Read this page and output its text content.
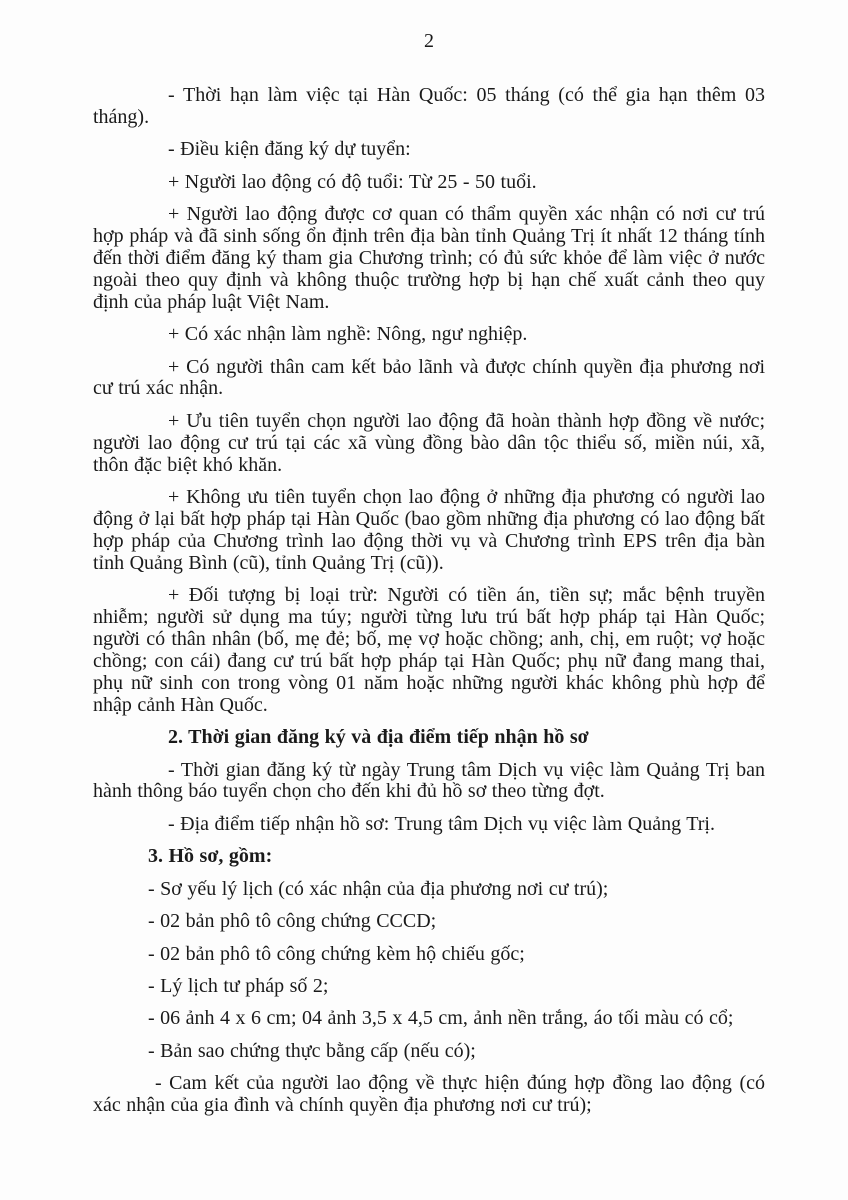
2

- Thời hạn làm việc tại Hàn Quốc: 05 tháng (có thể gia hạn thêm 03 tháng).

- Điều kiện đăng ký dự tuyển:

+ Người lao động có độ tuổi: Từ 25 - 50 tuổi.

+ Người lao động được cơ quan có thẩm quyền xác nhận có nơi cư trú hợp pháp và đã sinh sống ổn định trên địa bàn tỉnh Quảng Trị ít nhất 12 tháng tính đến thời điểm đăng ký tham gia Chương trình; có đủ sức khỏe để làm việc ở nước ngoài theo quy định và không thuộc trường hợp bị hạn chế xuất cảnh theo quy định của pháp luật Việt Nam.

+ Có xác nhận làm nghề: Nông, ngư nghiệp.

+ Có người thân cam kết bảo lãnh và được chính quyền địa phương nơi cư trú xác nhận.

+ Ưu tiên tuyển chọn người lao động đã hoàn thành hợp đồng về nước; người lao động cư trú tại các xã vùng đồng bào dân tộc thiểu số, miền núi, xã, thôn đặc biệt khó khăn.

+ Không ưu tiên tuyển chọn lao động ở những địa phương có người lao động ở lại bất hợp pháp tại Hàn Quốc (bao gồm những địa phương có lao động bất hợp pháp của Chương trình lao động thời vụ và Chương trình EPS trên địa bàn tỉnh Quảng Bình (cũ), tỉnh Quảng Trị (cũ)).

+ Đối tượng bị loại trừ: Người có tiền án, tiền sự; mắc bệnh truyền nhiễm; người sử dụng ma túy; người từng lưu trú bất hợp pháp tại Hàn Quốc; người có thân nhân (bố, mẹ đẻ; bố, mẹ vợ hoặc chồng; anh, chị, em ruột; vợ hoặc chồng; con cái) đang cư trú bất hợp pháp tại Hàn Quốc; phụ nữ đang mang thai, phụ nữ sinh con trong vòng 01 năm hoặc những người khác không phù hợp để nhập cảnh Hàn Quốc.

2. Thời gian đăng ký và địa điểm tiếp nhận hồ sơ

- Thời gian đăng ký từ ngày Trung tâm Dịch vụ việc làm Quảng Trị ban hành thông báo tuyển chọn cho đến khi đủ hồ sơ theo từng đợt.

- Địa điểm tiếp nhận hồ sơ: Trung tâm Dịch vụ việc làm Quảng Trị.

3. Hồ sơ, gồm:

- Sơ yếu lý lịch (có xác nhận của địa phương nơi cư trú);

- 02 bản phô tô công chứng CCCD;

- 02 bản phô tô công chứng kèm hộ chiếu gốc;

- Lý lịch tư pháp số 2;

- 06 ảnh 4 x 6 cm; 04 ảnh 3,5 x 4,5 cm, ảnh nền trắng, áo tối màu có cổ;

- Bản sao chứng thực bằng cấp (nếu có);

- Cam kết của người lao động về thực hiện đúng hợp đồng lao động (có xác nhận của gia đình và chính quyền địa phương nơi cư trú);
